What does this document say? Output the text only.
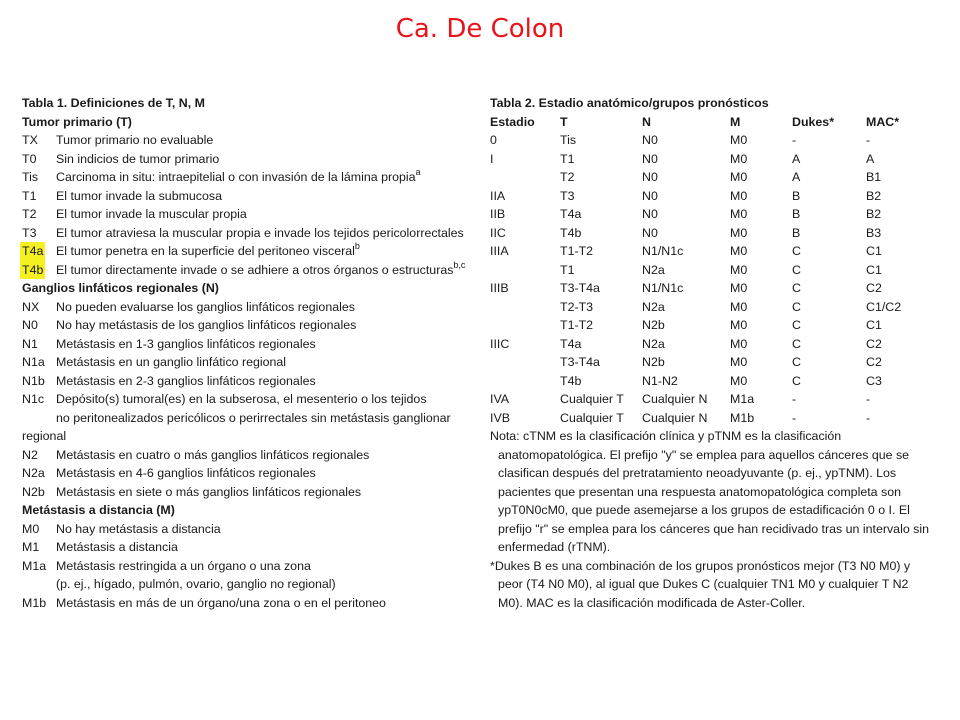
Ca. De Colon
Tabla 1. Definiciones de T, N, M
Tumor primario (T)
TX Tumor primario no evaluable
T0 Sin indicios de tumor primario
Tis Carcinoma in situ: intraepitelial o con invasión de la lámina propia$^a$
T1 El tumor invade la submucosa
T2 El tumor invade la muscular propia
T3 El tumor atraviesa la muscular propia e invade los tejidos pericolorrectales
T4a El tumor penetra en la superficie del peritoneo visceral$^b$
T4b El tumor directamente invade o se adhiere a otros órganos o estructuras$^{b,c}$
Ganglios linfáticos regionales (N)
NX No pueden evaluarse los ganglios linfáticos regionales
N0 No hay metástasis de los ganglios linfáticos regionales
N1 Metástasis en 1-3 ganglios linfáticos regionales
N1a Metástasis en un ganglio linfático regional
N1b Metástasis en 2-3 ganglios linfáticos regionales
N1c Depósito(s) tumoral(es) en la subserosa, el mesenterio o los tejidos
no peritonealizados pericólicos o perirrectales sin metástasis ganglionar
regional
N2 Metástasis en cuatro o más ganglios linfáticos regionales
N2a Metástasis en 4-6 ganglios linfáticos regionales
N2b Metástasis en siete o más ganglios linfáticos regionales
Metástasis a distancia (M)
M0 No hay metástasis a distancia
M1 Metástasis a distancia
M1a Metástasis restringida a un órgano o una zona
(p. ej., hígado, pulmón, ovario, ganglio no regional)
M1b Metástasis en más de un órgano/una zona o en el peritoneo
Tabla 2. Estadio anatómico/grupos pronósticos
Estadio	T	N	M	Dukes*	MAC*
0	Tis	N0	M0	-	-
I	T1	N0	M0	A	A
	T2	N0	M0	A	B1
IIA	T3	N0	M0	B	B2
IIB	T4a	N0	M0	B	B2
IIC	T4b	N0	M0	B	B3
IIIA	T1-T2	N1/N1c	M0	C	C1
	T1	N2a	M0	C	C1
IIIB	T3-T4a	N1/N1c	M0	C	C2
	T2-T3	N2a	M0	C	C1/C2
	T1-T2	N2b	M0	C	C1
IIIC	T4a	N2a	M0	C	C2
	T3-T4a	N2b	M0	C	C2
	T4b	N1-N2	M0	C	C3
IVA	Cualquier T	Cualquier N	M1a	-	-
IVB	Cualquier T	Cualquier N	M1b	-	-
Nota: cTNM es la clasificación clínica y pTNM es la clasificación
anatomopatológica. El prefijo "y" se emplea para aquellos cánceres que se
clasifican después del pretratamiento neoadyuvante (p. ej., ypTNM). Los
pacientes que presentan una respuesta anatomopatológica completa son
ypT0N0cM0, que puede asemejarse a los grupos de estadificación 0 o I. El
prefijo "r" se emplea para los cánceres que han recidivado tras un intervalo sin
enfermedad (rTNM).
*Dukes B es una combinación de los grupos pronósticos mejor (T3 N0 M0) y
peor (T4 N0 M0), al igual que Dukes C (cualquier TN1 M0 y cualquier T N2
M0). MAC es la clasificación modificada de Aster-Coller.
